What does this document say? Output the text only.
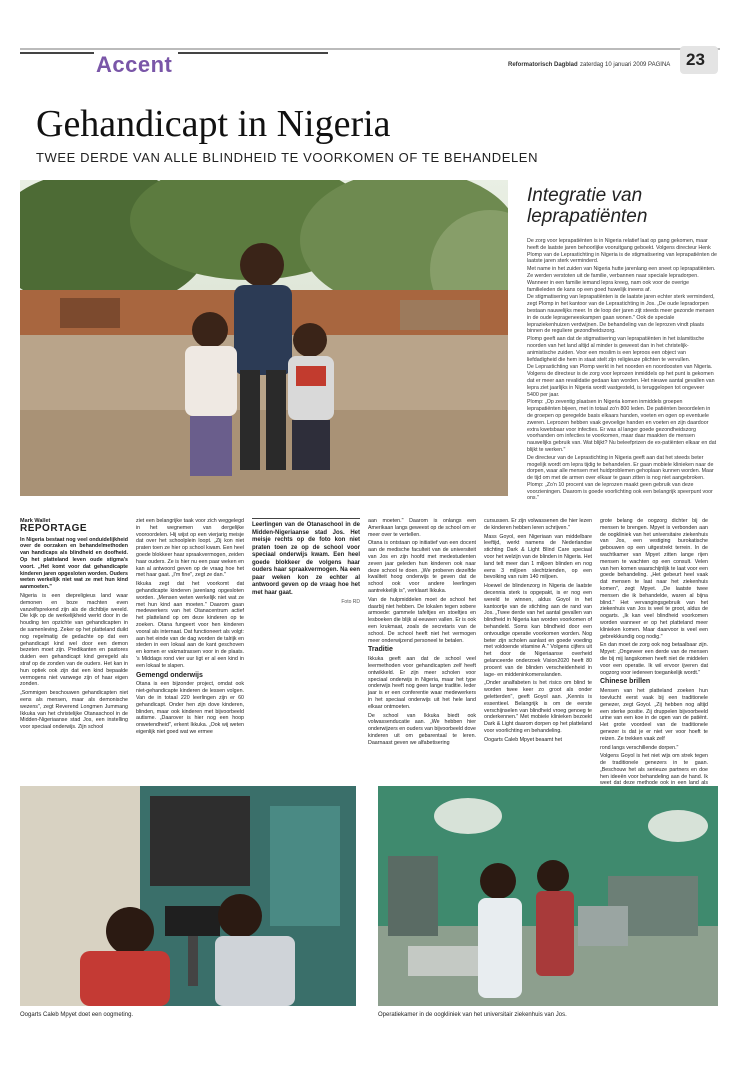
Accent	Reformatorisch Dagblad zaterdag 10 januari 2009 PAGINA 23
Gehandicapt in Nigeria
TWEE DERDE VAN ALLE BLINDHEID TE VOORKOMEN OF TE BEHANDELEN
Integratie van leprapatiënten

De zorg voor leprapatiënten is in Nigeria relatief laat op gang gekomen, maar heeft de laatste jaren behoorlijke vooruitgang geboekt. Volgens directeur Henk Plomp van de Leprastichting in Nigeria is de stigmatisering van leprapatiënten de laatste jaren sterk verminderd.

Met name in het zuiden van Nigeria hutte jarenlang een sneet op leprapatiënten. Ze werden verstoten uit de familie, verbannen naar speciale lepradorpen. Wanneer in een familie iemand lepra kreeg, nam ook voor de overige familieleden de kans op een goed huwelijk ineens af.

De stigmatisering van leprapatiënten is de laatste jaren echter sterk verminderd, zegt Plomp in het kantoor van de Leprastichting in Jos. „De oude lepradorpen bestaan nauwelijks meer. In de loop der jaren zijt steeds meer gezonde mensen in de oude leprageneeskampen gaan wonen." Ook de speciale lepraziekenhuizen verdwijnen. De behandeling van de leprozen vindt plaats binnen de reguliere gezondheidszorg.

Plomp geeft aan dat de stigmatisering van leprapatiënten in het islamitische noorden van het land altijd al minder is geweest dan in het christelijk-animistische zuiden. Voor een moslim is een leproos een object van liefdadigheid die hem in staat stelt zijn religieuze plichten te vervullen.

De Leprastichting van Plomp werkt in het noorden en noordoosten van Nigeria. Volgens de directeur is de zorg voor leprozen inmiddels op het punt is gekomen dat er meer aan revalidatie gedaan kan worden. Het nieuwe aantal gevallen van lepra ziet jaarlijks in Nigeria wordt vastgesteld, is teruggelopen tot ongeveer 5400 per jaar.

Plomp: „Op zeventig plaatsen in Nigeria komen inmiddels groepen leprapatiënten bijeen, met in totaal zo'n 800 leden. De patiënten beoordelen in de groepen op geregelde basis elkaars handen, voeten en ogen op eventuele zweren. Leprozen hebben vaak gevoelige handen en voeten en zijn daardoor extra kwetsbaar voor infecties. Er was al langer goede gezondheidszorg voorhanden om infecties te voorkomen, maar daar maakten de mensen nauwelijks gebruik van. Wat blijkt? Nu beleefprizen de ex-patiënten elkaar en dat blijkt te werken."

De directeur van de Leprastichting in Nigeria geeft aan dat het steeds beter mogelijk wordt om lepra tijdig te behandelen. Er gaan mobiele klinieken naar de dorpen, waar alle mensen met huidproblemen gehoplaan kunnen worden. Maar de tijd om met de armen over elkaar te gaan zitten is nog niet aangebroken. Plomp: „Zo'n 10 procent van de leprozen maakt geen gebruik van deze voorzieningen. Daarom is goede voorlichting ook een belangrijk speerpunt voor ons."

Mark Wallet
REPORTAGE

In Nigeria bestaat nog veel onduidelijkheid over de oorzaken en behandelmethoden van handicaps als blindheid en doofheid. Op het platteland leven oude stigma's voort. „Het komt voor dat gehandicapte kinderen jaren opgesloten worden. Ouders weten werkelijk niet wat ze met hun kind aanmoeten."

Nigeria is een diepreligieus land waar demonen en boze machten even vanzelfsprekend zijn als de dichtbije wereld. Die kijk op de werkelijkheid werkt door in de houding ten opzichte van gehandicapten in de samenleving. Zeker op het platteland duikt nog regelmatig de gedachte op dat een gehandicapt kind wel door een demon bezeten moet zijn. Predikanten en pastores duiden een gehandicapt kind geregeld als straf op de zonden van de ouders. Het kan in hun optiek ook zijn dat een kind bepaalde vermogens niet vanwege zijn of haar eigen zonden.

„Sommigen beschouwen gehandicapten niet eens als mensen, maar als demonische wezens", zegt Reverend Longmen Jummang Ikkuka van het christelijke Otanaschool in de Midden-Nigeriaanse stad Jos, een instelling voor speciaal onderwijs. Zijn school

ziet een belangrijke taak voor zich weggelegd in het wegnemen van dergelijke vooroordelen. Hij wijst op een vierjarig meisje dat over het schoolplein loopt. „Zij kon niet praten toen ze hier op school kwam. Een heel goede blokkeer haar spraakvermogen, zeiden haar ouders. Ze is hier nu een paar weken en kan al antwoord geven op de vraag hoe het met haar gaat. „I'm fine", zegt ze dan."

Ikkuka zegt dat het voorkomt dat gehandicapte kinderen jarenlang opgesloten worden. „Mensen weten werkelijk niet wat ze met hun kind aan moeten." Daarom gaan medewerkers van het Otanacentrum actief het platteland op om deze kinderen op te zoeken. Otana fungeert voor hen kinderen vooral als internaat. Dat functioneert als volgt: aan het einde van de dag worden de talrijk en steden in een lokaal aan de kant geschoven en komen er vakmatrassen voor in de plaats. 's Middags rond vier uur ligt er al een kind in een lokaal te slapen.

Gemengd onderwijs

Otana is een bijzonder project, omdat ook niet-gehandicapte kinderen de lessen volgen. Van de in totaal 220 leerlingen zijn er 60 gehandicapt. Onder hen zijn dove kinderen, blinden, maar ook kinderen met bijvoorbeeld autisme. „Daarover is hier nog een hoop onwetendheid", erkent Ikkuka. „Ook wij weten eigenlijk niet goed wat we ermee

Leerlingen van de Otanaschool in de Midden-Nigeriaanse stad Jos. Het meisje rechts op de foto kon niet praten toen ze op de school voor speciaal onderwijs kwam. Een heel goede blokkeer de volgens haar ouders haar spraakvermogen. Na een paar weken kon ze echter al antwoord geven op de vraag hoe het met haar gaat.
Foto RD

aan moeten." Daarom is onlangs een Amerikaan langs geweest op de school om er meer over te vertellen.

Otana is ontstaan op initiatief van een docent aan de medische faculteit van de universiteit van Jos en zijn hoofd met medestudenten zeven jaar geleden hun kinderen ook naar deze school te doen. „We proberen dezelfde kwaliteit hoog onderwijs te geven dat de school ook voor andere leerlingen aantrekkelijk is", verklaart Ikkuka.

Van de hulpmiddelen moet de school het daarbij niet hebben. De lokalen tegen sobere armoede: gammele tafeltjes en stoeltjes en lesboeken die blijk al eeuwen vallen. Er is ook een krukmaat, zoals de secretaris van de school. De school heeft niet het vermogen meer onderwijzend personeel te betalen.

Traditie

Ikkuka geeft aan dat de school veel leermethoden voor gehandicapten zelf heeft ontwikkeld. Er zijn meer scholen voor speciaal onderwijs in Nigeria, maar het type onderwijs heeft nog geen lange traditie. Ieder jaar is er een conferentie waar medewerkers in het speciaal onderwijs uit het hele land elkaar ontmoeten.

De school van Ikkuka biedt ook volwassenducatie aan. „We hebben hier onderwijzers en ouders van bijvoorbeeld dove kinderen uit om gebarentaal te leren. Daarnaast geven we alfabetisering

cursussen. Er zijn volwassenen die hier lezen de kinderen hebben leren schrijven."

Mass Goyol, een Nigeriaan van middelbare leeftijd, werkt namens de Nederlandse stichting Dark & Light Blind Care speciaal voor het welzijn van de blinden in Nigeria. Het land telt meer dan 1 miljoen blinden en nog eens 3 miljoen slechtzienden, op een bevolking van ruim 140 miljoen.

Hoewel de blindenzorg in Nigeria de laatste decennia sterk is opgepakt, is er nog een wereld te winnen, aldus Goyol in het kantoortje van de stichting aan de rand van Jos. „Twee derde van het aantal gevallen van blindheid in Nigeria kan worden voorkomen of behandeld. Soms kan blindheid door een ontvoudige operatie voorkomen worden. Nog beter zijn scholen aanlast en goede voeding met voldoende vitamine A." Volgens cijfers uit het door de Nigeriaanse overheid gelanceerde onderzoek Vision2020 heeft 80 procent van de blinden verscheidenheid in lage- en middeninkomenslanden.

„Onder analfabeten is het risico om blind te worden twee keer zo groot als onder geletterden", geeft Goyol aan. „Kennis is essentieel. Belangrijk is om de eerste verschijnselen van blindheid vroeg genoeg te onderkennen." Met mobiele klinieken bezoekt Dark & Light daarom dorpen op het platteland voor voorlichting en behandeling.

Oogarts Caleb Mpyet beaamt het

grote belang de oogzorg dichter bij de mensen te brengen. Mpyet is verbonden aan de oogkliniek van het universitaire ziekenhuis van Jos, een vestiging burokatische gebouwen op een uitgestrekt terrein. In de wachtkamer van Mpyet zitten lange rijen mensen te wachten op een consult. Velen van hen komen waarschijnlijk te laat voor een goede behandeling. „Het gebeurt heel vaak dat mensen te laat naar het ziekenhuis komen", zegt Mpyet. „De laatste twee mensen die ik behandelde, waren al bijna blind." Het vervangingsgebruik van het ziekenhuis van Jos is veel te groot, aldus de oogarts. „Ik kan veel blindheid voorkomen worden wanneer er op het platteland meer klinieken komen. Maar daarvoor is veel een gebrekkkundig oog nodig."

En dan moet de zorg ook nog betaalbaar zijn. Mpyet: „Ongeveer een derde van de mensen die bij mij langskomen heeft niet de middelen voor een operatie. Ik wil ervoor ijveren dat oogzorg voor iedereen toegankelijk wordt."

Chinese brillen

Mensen van het platteland zoeken hun toevlucht eerst vaak bij een traditionele genezer, zegt Goyol. „Zij hebben nog altijd een sterke positie. Zij druppelen bijvoorbeeld urine van een koe in de ogen van de patiënt. Het grote voordeel van de traditionele genezer is dat je er niet ver voor hoeft te reizen. Ze trekken vaak zelf

rond langs verschillende dorpen."

Volgens Goyol is het niet wijs om strek tegen de traditionele genezers in te gaan. „Beschouw het als serieuze partners en doe hen ideeën voor behandeling aan de hand. Ik weet dat deze methode ook in een land als

Oogarts Caleb Mpyet doet een oogmeting.	Operatiekamer in de oogkliniek van het universitair ziekenhuis van Jos.
